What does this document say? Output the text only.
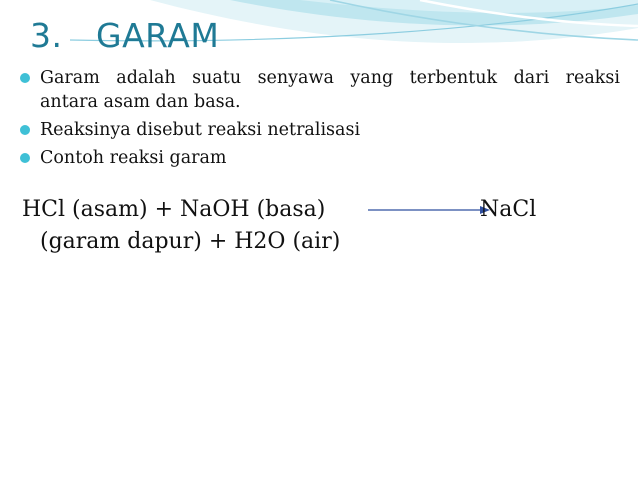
3. GARAM
Garam adalah suatu senyawa yang terbentuk dari reaksi
antara asam dan basa.
Reaksinya disebut reaksi netralisasi
Contoh reaksi garam
HCl (asam) + NaOH (basa)	NaCl
(garam dapur) + H2O (air)
